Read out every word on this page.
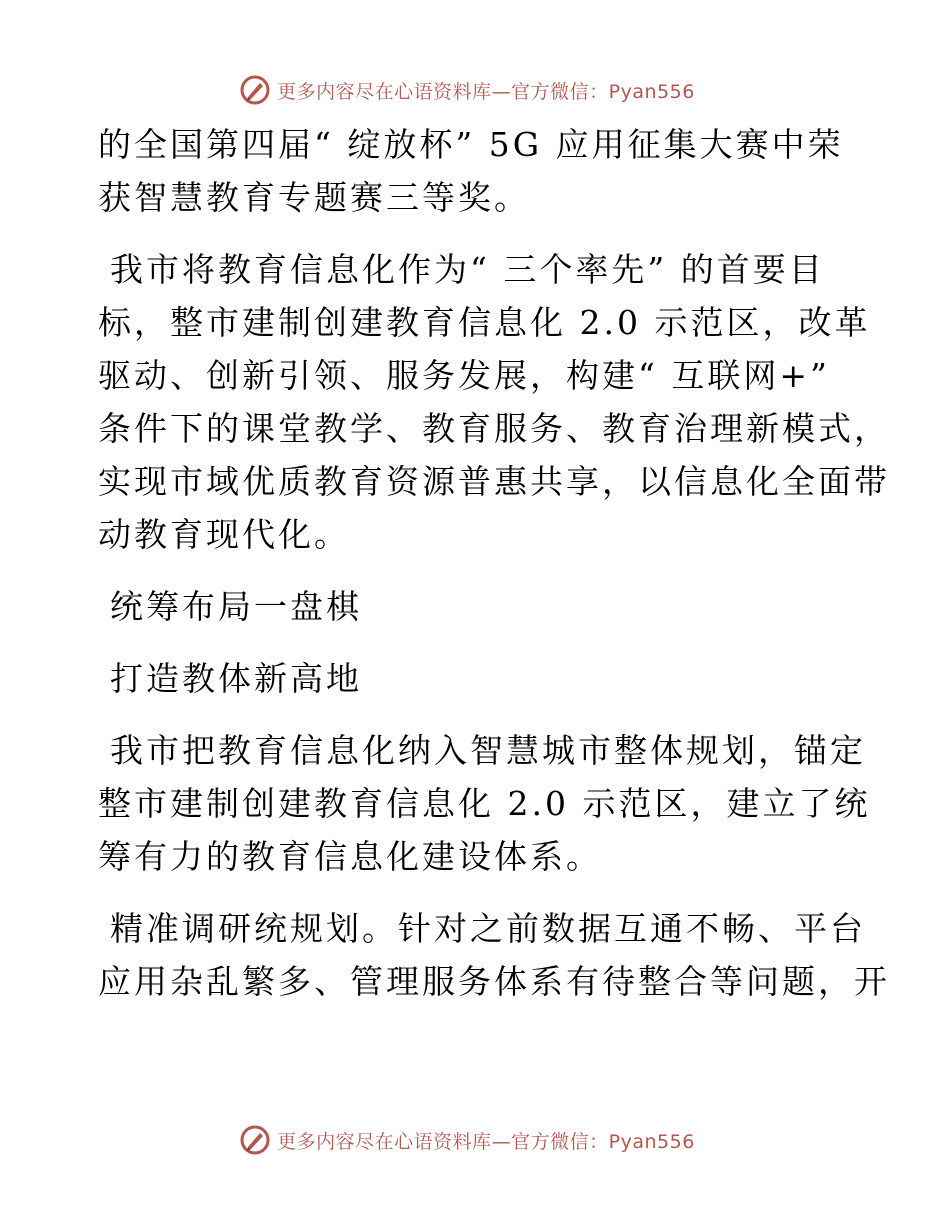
更多内容尽在心语资料库—官方微信：Pyan556

的全国第四届“ 绽放杯” 5G 应用征集大赛中荣
获智慧教育专题赛三等奖。

我市将教育信息化作为“ 三个率先” 的首要目
标，整市建制创建教育信息化 2.0 示范区，改革
驱动、创新引领、服务发展，构建“ 互联网+”
条件下的课堂教学、教育服务、教育治理新模式，
实现市域优质教育资源普惠共享，以信息化全面带
动教育现代化。

统筹布局一盘棋

打造教体新高地

我市把教育信息化纳入智慧城市整体规划，锚定
整市建制创建教育信息化 2.0 示范区，建立了统
筹有力的教育信息化建设体系。

精准调研统规划。针对之前数据互通不畅、平台
应用杂乱繁多、管理服务体系有待整合等问题，开

更多内容尽在心语资料库—官方微信：Pyan556
